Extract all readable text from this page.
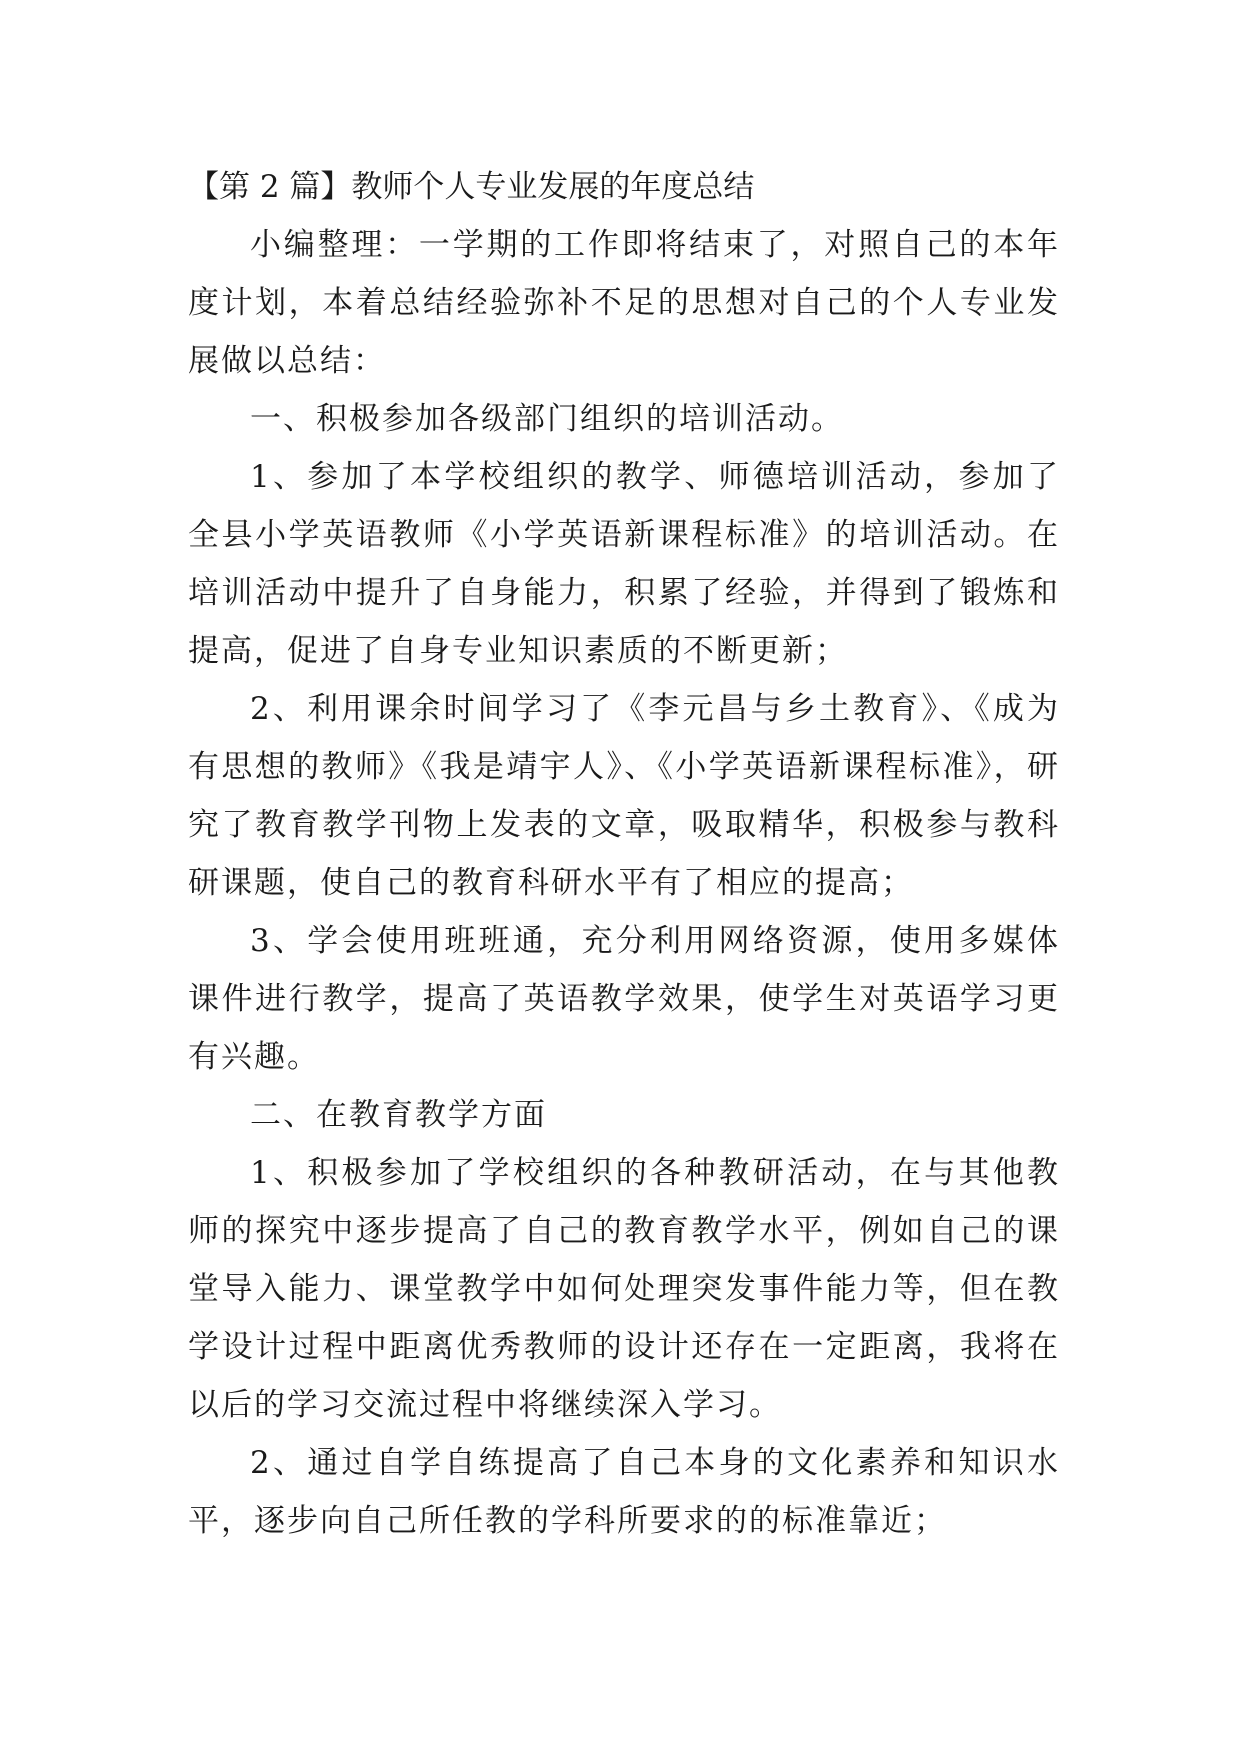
【第 2 篇】教师个人专业发展的年度总结

小编整理：一学期的工作即将结束了，对照自己的本年度计划，本着总结经验弥补不足的思想对自己的个人专业发展做以总结：

一、积极参加各级部门组织的培训活动。

1、参加了本学校组织的教学、师德培训活动，参加了全县小学英语教师《小学英语新课程标准》的培训活动。在培训活动中提升了自身能力，积累了经验，并得到了锻炼和提高，促进了自身专业知识素质的不断更新；

2、利用课余时间学习了《李元昌与乡土教育》、《成为有思想的教师》《我是靖宇人》、《小学英语新课程标准》，研究了教育教学刊物上发表的文章，吸取精华，积极参与教科研课题，使自己的教育科研水平有了相应的提高；

3、学会使用班班通，充分利用网络资源，使用多媒体课件进行教学，提高了英语教学效果，使学生对英语学习更有兴趣。

二、在教育教学方面

1、积极参加了学校组织的各种教研活动，在与其他教师的探究中逐步提高了自己的教育教学水平，例如自己的课堂导入能力、课堂教学中如何处理突发事件能力等，但在教学设计过程中距离优秀教师的设计还存在一定距离，我将在以后的学习交流过程中将继续深入学习。

2、通过自学自练提高了自己本身的文化素养和知识水平，逐步向自己所任教的学科所要求的的标准靠近；
